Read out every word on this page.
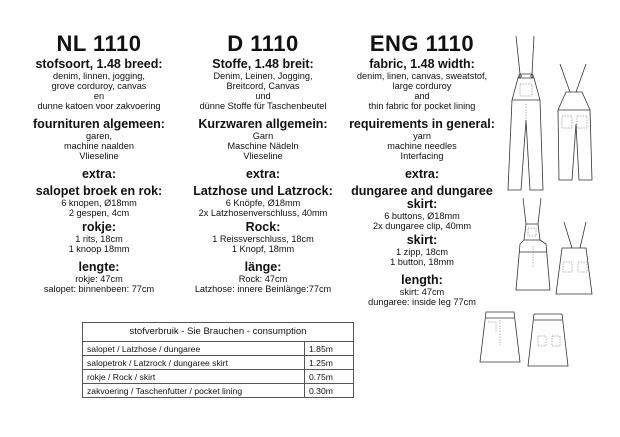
NL 1110
stofsoort, 1.48 breed:
denim, linnen, jogging,
grove corduroy, canvas
en
dunne katoen voor zakvoering
fournituren algemeen:
garen,
machine naalden
Vlieseline
extra:
salopet broek en rok:
6 knopen, Ø18mm
2 gespen, 4cm
rokje:
1 rits, 18cm
1 knoop 18mm
lengte:
rokje: 47cm
salopet: binnenbeen: 77cm
D 1110
Stoffe, 1.48 breit:
Denim, Leinen, Jogging,
Breitcord, Canvas
und
dünne Stoffe für Taschenbeutel
Kurzwaren allgemein:
Garn
Maschine Nädeln
Vlieseline
extra:
Latzhose und Latzrock:
6 Knöpfe, Ø18mm
2x Latzhosenverschluss, 40mm
Rock:
1 Reissverschluss, 18cm
1 Knopf, 18mm
länge:
Rock: 47cm
Latzhose: innere Beinlänge:77cm
ENG 1110
fabric, 1.48 width:
denim, linen, canvas, sweatstof,
large corduroy
and
thin fabric for pocket lining
requirements in general:
yarn
machine needles
Interfacing
extra:
dungaree and dungaree skirt:
6 buttons, Ø18mm
2x dungaree clip, 40mm
skirt:
1 zipp, 18cm
1 button, 18mm
length:
skirt: 47cm
dungaree: inside leg 77cm
stofverbruik - Sie Brauchen - consumption	
salopet / Latzhose / dungaree	1.85m
salopetrok / Latzrock / dungaree skirt	1.25m
rokje / Rock / skirt	0.75m
zakvoering / Taschenfutter / pocket lining	0.30m
